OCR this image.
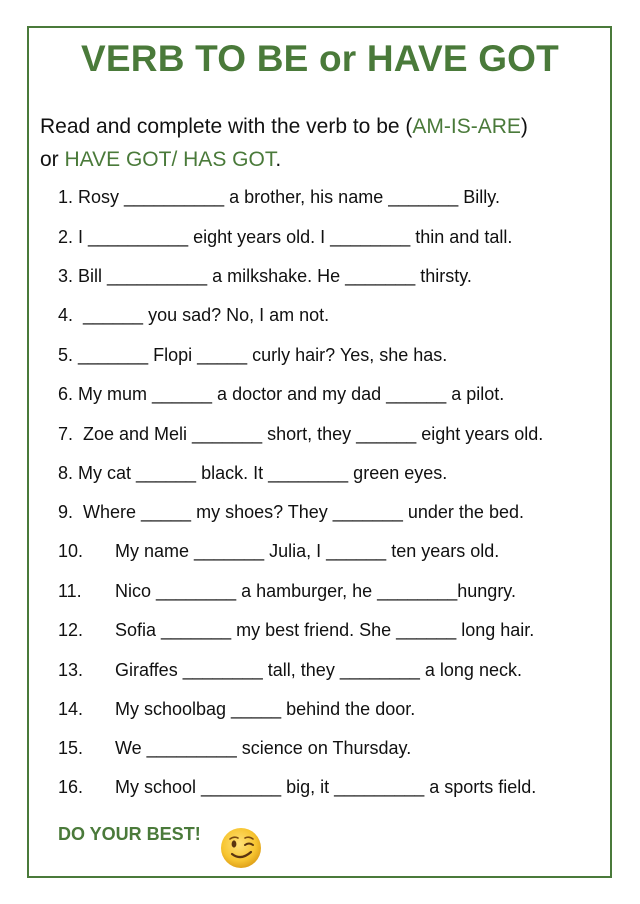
VERB TO BE or HAVE GOT
Read and complete with the verb to be (AM-IS-ARE)
or HAVE GOT/ HAS GOT.
1. Rosy __________ a brother, his name _______ Billy.
2. I __________ eight years old. I ________ thin and tall.
3. Bill __________ a milkshake. He _______ thirsty.
4. ______ you sad? No, I am not.
5. _______ Flopi _____ curly hair? Yes, she has.
6. My mum ______ a doctor and my dad ______ a pilot.
7. Zoe and Meli _______ short, they ______ eight years old.
8. My cat ______ black. It ________ green eyes.
9. Where _____ my shoes? They _______ under the bed.
10. My name _______ Julia, I ______ ten years old.
11. Nico ________ a hamburger, he ________hungry.
12. Sofia _______ my best friend. She ______ long hair.
13. Giraffes ________ tall, they ________ a long neck.
14. My schoolbag _____ behind the door.
15. We _________ science on Thursday.
16. My school ________ big, it _________ a sports field.
DO YOUR BEST!
